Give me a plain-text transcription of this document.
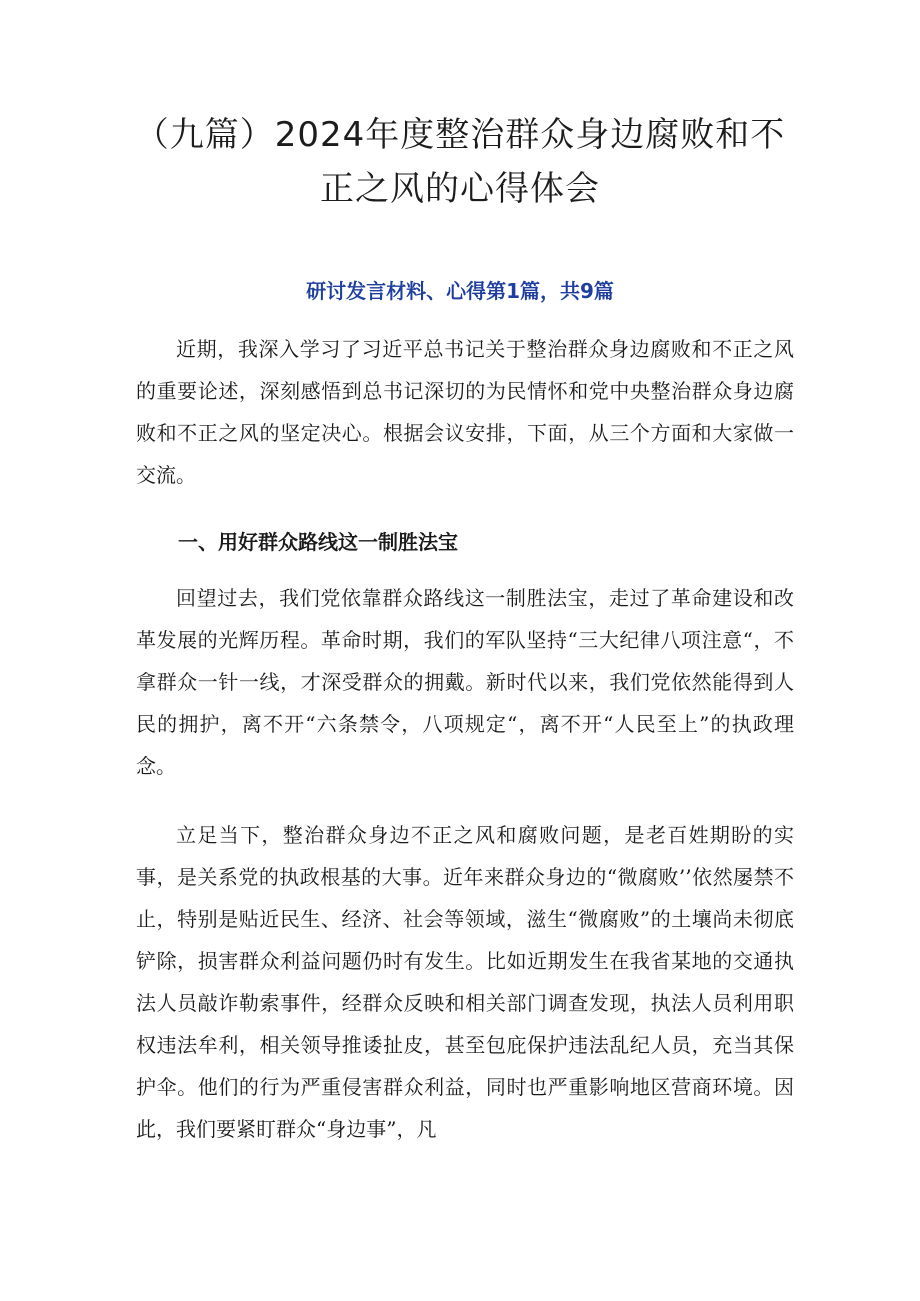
（九篇）2024年度整治群众身边腐败和不正之风的心得体会

研讨发言材料、心得第1篇，共9篇

近期，我深入学习了习近平总书记关于整治群众身边腐败和不正之风的重要论述，深刻感悟到总书记深切的为民情怀和党中央整治群众身边腐败和不正之风的坚定决心。根据会议安排，下面，从三个方面和大家做一交流。

一、用好群众路线这一制胜法宝

回望过去，我们党依靠群众路线这一制胜法宝，走过了革命建设和改革发展的光辉历程。革命时期，我们的军队坚持“三大纪律八项注意“，不拿群众一针一线，才深受群众的拥戴。新时代以来，我们党依然能得到人民的拥护，离不开“六条禁令，八项规定“，离不开“人民至上”的执政理念。

立足当下，整治群众身边不正之风和腐败问题，是老百姓期盼的实事，是关系党的执政根基的大事。近年来群众身边的“微腐败’’依然屡禁不止，特别是贴近民生、经济、社会等领域，滋生“微腐败”的土壤尚未彻底铲除，损害群众利益问题仍时有发生。比如近期发生在我省某地的交通执法人员敲诈勒索事件，经群众反映和相关部门调查发现，执法人员利用职权违法牟利，相关领导推诿扯皮，甚至包庇保护违法乱纪人员，充当其保护伞。他们的行为严重侵害群众利益，同时也严重影响地区营商环境。因此，我们要紧盯群众“身边事”，凡
